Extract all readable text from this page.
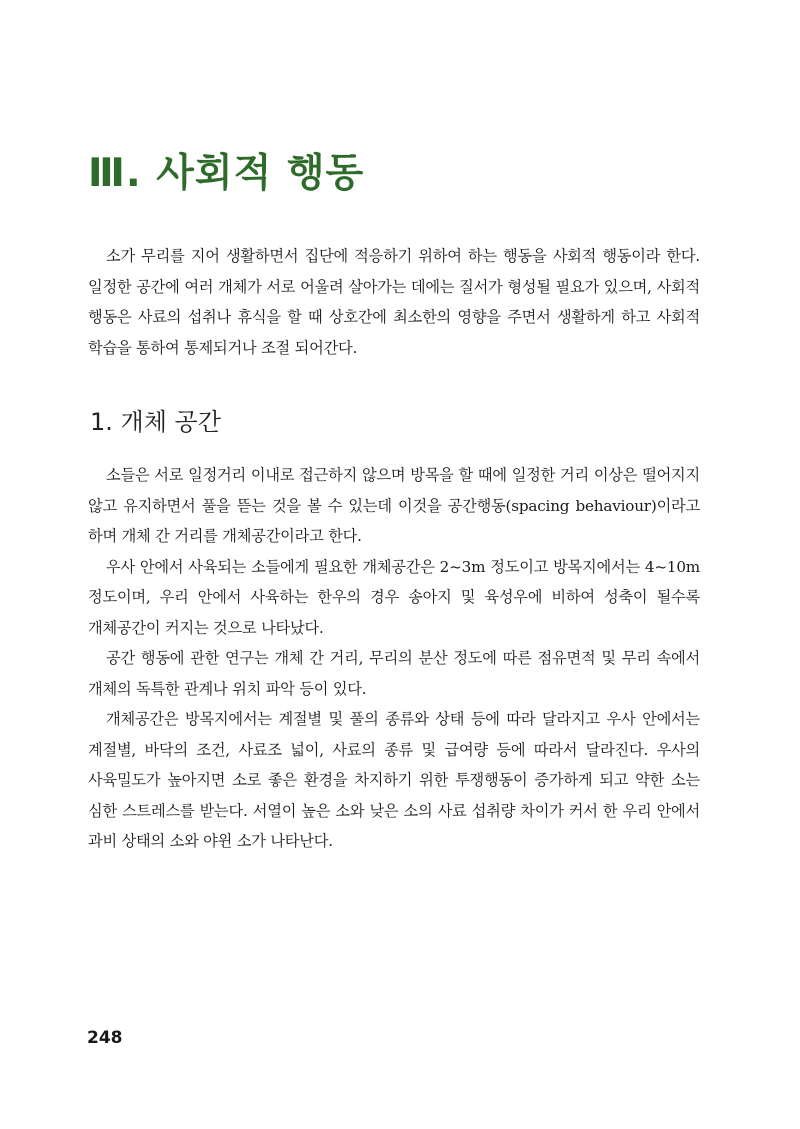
Ⅲ. 사회적 행동

소가 무리를 지어 생활하면서 집단에 적응하기 위하여 하는 행동을 사회적 행동이라 한다. 일정한 공간에 여러 개체가 서로 어울려 살아가는 데에는 질서가 형성될 필요가 있으며, 사회적 행동은 사료의 섭취나 휴식을 할 때 상호간에 최소한의 영향을 주면서 생활하게 하고 사회적 학습을 통하여 통제되거나 조절 되어간다.

1. 개체 공간

소들은 서로 일정거리 이내로 접근하지 않으며 방목을 할 때에 일정한 거리 이상은 떨어지지 않고 유지하면서 풀을 뜯는 것을 볼 수 있는데 이것을 공간행동(spacing behaviour)이라고 하며 개체 간 거리를 개체공간이라고 한다.

우사 안에서 사육되는 소들에게 필요한 개체공간은 2~3m 정도이고 방목지에서는 4~10m 정도이며, 우리 안에서 사육하는 한우의 경우 송아지 및 육성우에 비하여 성축이 될수록 개체공간이 커지는 것으로 나타났다.

공간 행동에 관한 연구는 개체 간 거리, 무리의 분산 정도에 따른 점유면적 및 무리 속에서 개체의 독특한 관계나 위치 파악 등이 있다.

개체공간은 방목지에서는 계절별 및 풀의 종류와 상태 등에 따라 달라지고 우사 안에서는 계절별, 바닥의 조건, 사료조 넓이, 사료의 종류 및 급여량 등에 따라서 달라진다. 우사의 사육밀도가 높아지면 소로 좋은 환경을 차지하기 위한 투쟁행동이 증가하게 되고 약한 소는 심한 스트레스를 받는다. 서열이 높은 소와 낮은 소의 사료 섭취량 차이가 커서 한 우리 안에서 과비 상태의 소와 야윈 소가 나타난다.

248
